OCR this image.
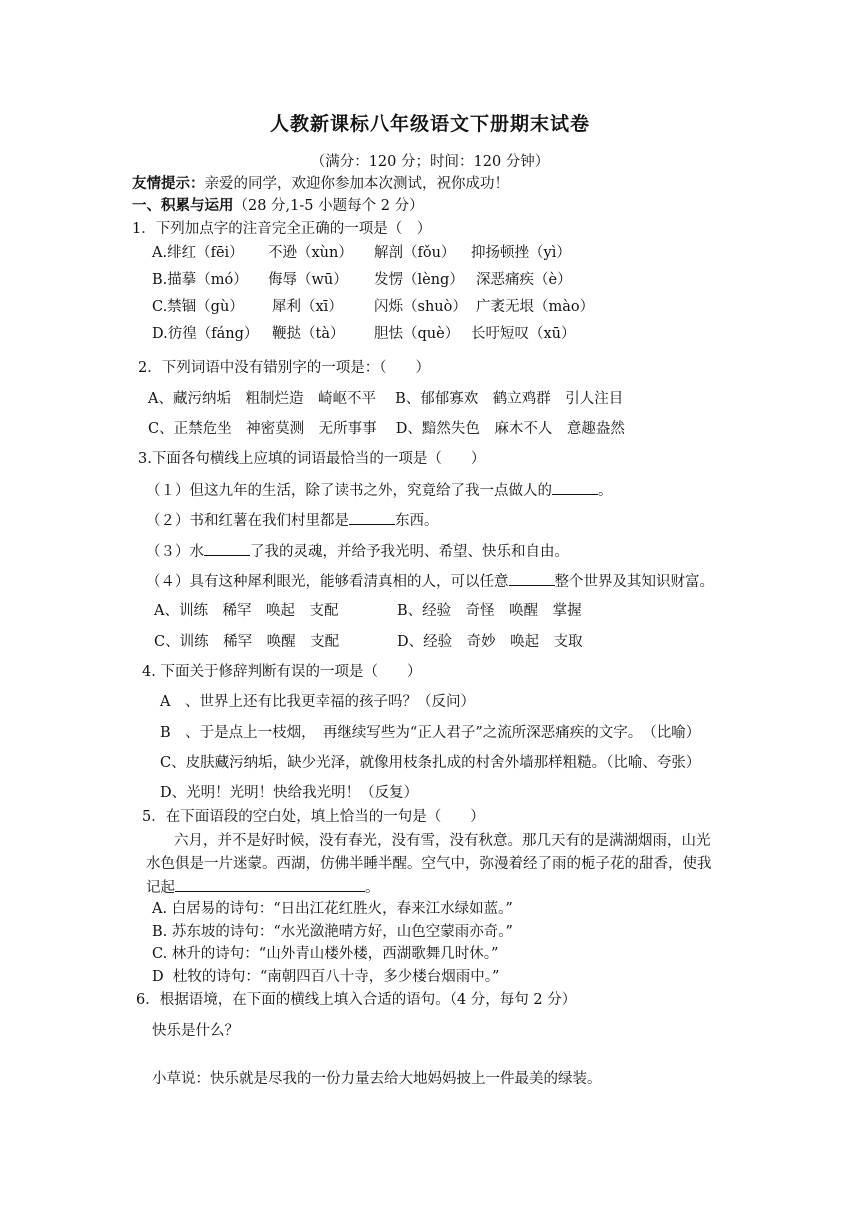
人教新课标八年级语文下册期末试卷
（满分：120 分；时间：120 分钟）
友情提示：亲爱的同学，欢迎你参加本次测试，祝你成功！
一、积累与运用（28 分,1-5 小题每个 2 分）
1．下列加点字的注音完全正确的一项是（　）
A.绯红（fēi） 不逊（xùn） 解剖（fǒu） 抑扬顿挫（yì）
B.描摹（mó） 侮辱（wū） 发愣（lèng） 深恶痛疾（è）
C.禁锢（gù） 犀利（xī） 闪烁（shuò） 广袤无垠（mào）
D.彷徨（fáng） 鞭挞（tà） 胆怯（què） 长吁短叹（xū）
2．下列词语中没有错别字的一项是：（　　）
A、藏污纳垢　粗制烂造　崎岖不平　 B、郁郁寡欢　鹤立鸡群　引人注目
C、正禁危坐　神密莫测　无所事事　 D、黯然失色　麻木不人　意趣盎然
3.下面各句横线上应填的词语最恰当的一项是（　　）
（１）但这九年的生活，除了读书之外，究竟给了我一点做人的	。
（２）书和红薯在我们村里都是	东西。
（３）水	了我的灵魂，并给予我光明、希望、快乐和自由。
（４）具有这种犀利眼光，能够看清真相的人，可以任意	整个世界及其知识财富。
A、训练　稀罕　唤起　支配	B、经验　奇怪　唤醒　掌握
C、训练　稀罕　唤醒　支配	D、经验　奇妙　唤起　支取
4. 下面关于修辞判断有误的一项是（　　）
A　、世界上还有比我更幸福的孩子吗？（反问）
B　、于是点上一枝烟，　再继续写些为“正人君子”之流所深恶痛疾的文字。　（比喻）
C、皮肤藏污纳垢，缺少光泽，就像用枝条扎成的村舍外墙那样粗糙。（比喻、夸张）
D、光明！光明！快给我光明！（反复）
5．在下面语段的空白处，填上恰当的一句是（　　）
六月，并不是好时候，没有春光，没有雪，没有秋意。那几天有的是满湖烟雨，山光
水色俱是一片迷蒙。西湖，仿佛半睡半醒。空气中，弥漫着经了雨的栀子花的甜香，使我
记起	。
A. 白居易的诗句：“日出江花红胜火，春来江水绿如蓝。”
B. 苏东坡的诗句：“水光潋滟晴方好，山色空蒙雨亦奇。”
C. 林升的诗句：“山外青山楼外楼，西湖歌舞几时休。”
D  杜牧的诗句：“南朝四百八十寺，多少楼台烟雨中。”
6．根据语境，在下面的横线上填入合适的语句。（4 分，每句 2 分）
快乐是什么？
小草说：快乐就是尽我的一份力量去给大地妈妈披上一件最美的绿装。
